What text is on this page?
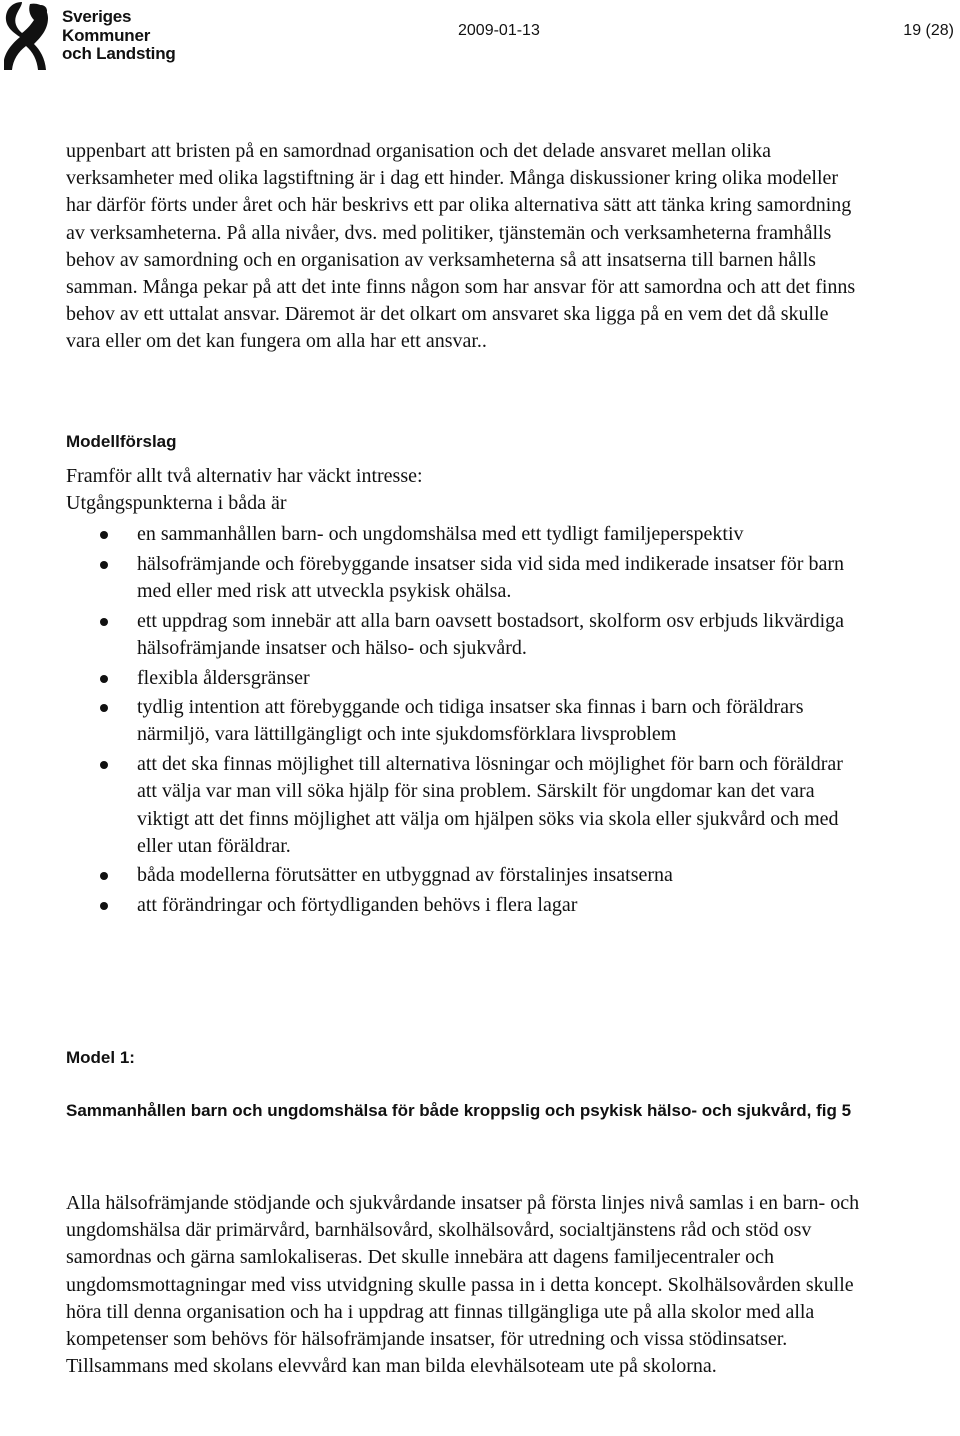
Sveriges
Kommuner
och Landsting
2009-01-13	19 (28)

uppenbart att bristen på en samordnad organisation och det delade ansvaret mellan olika verksamheter med olika lagstiftning är i dag ett hinder. Många diskussioner kring olika modeller har därför förts under året och här beskrivs ett par olika alternativa sätt att tänka kring samordning av verksamheterna. På alla nivåer, dvs. med politiker, tjänstemän och verksamheterna framhålls behov av samordning och en organisation av verksamheterna så att insatserna till barnen hålls samman. Många pekar på att det inte finns någon som har ansvar för att samordna och att det finns behov av ett uttalat ansvar. Däremot är det olkart om ansvaret ska ligga på en vem det då skulle vara eller om det kan fungera om alla har ett ansvar..

Modellförslag
Framför allt två alternativ har väckt intresse:
Utgångspunkterna i båda är
en sammanhållen barn- och ungdomshälsa med ett tydligt familjeperspektiv
hälsofrämjande och förebyggande insatser sida vid sida med indikerade insatser för barn med eller med risk att utveckla psykisk ohälsa.
ett uppdrag som innebär att alla barn oavsett bostadsort, skolform osv erbjuds likvärdiga hälsofrämjande insatser och hälso- och sjukvård.
flexibla åldersgränser
tydlig intention att förebyggande och tidiga insatser ska finnas i barn och föräldrars närmiljö, vara lättillgängligt och inte sjukdomsförklara livsproblem
att det ska finnas möjlighet till alternativa lösningar och möjlighet för barn och föräldrar att välja var man vill söka hjälp för sina problem. Särskilt för ungdomar kan det vara viktigt att det finns möjlighet att välja om hjälpen söks via skola eller sjukvård och med eller utan föräldrar.
båda modellerna förutsätter en utbyggnad av förstalinjes insatserna
att förändringar och förtydliganden behövs i flera lagar
Model 1:
Sammanhållen barn och ungdomshälsa för både kroppslig och psykisk hälso- och sjukvård, fig 5

Alla hälsofrämjande stödjande och sjukvårdande insatser på första linjes nivå samlas i en barn- och ungdomshälsa där primärvård, barnhälsovård, skolhälsovård, socialtjänstens råd och stöd osv samordnas och gärna samlokaliseras. Det skulle innebära att dagens familjecentraler och ungdomsmottagningar med viss utvidgning skulle passa in i detta koncept. Skolhälsovården skulle höra till denna organisation och ha i uppdrag att finnas tillgängliga ute på alla skolor med alla kompetenser som behövs för hälsofrämjande insatser, för utredning och vissa stödinsatser. Tillsammans med skolans elevvård kan man bilda elevhälsoteam ute på skolorna.
